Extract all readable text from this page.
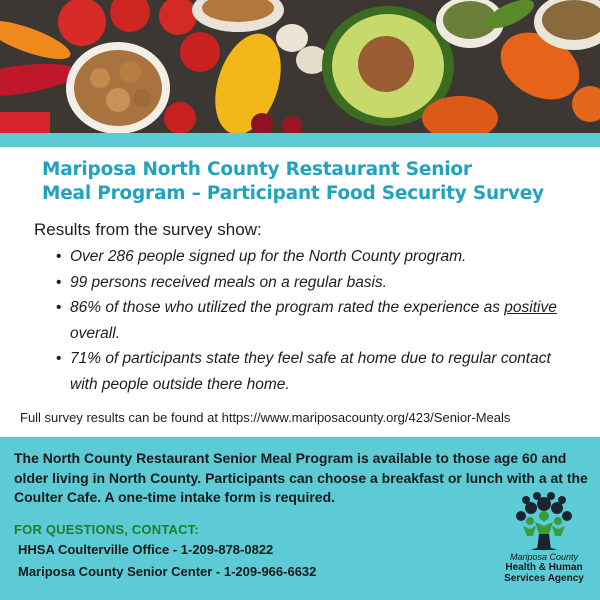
Mariposa North County Restaurant Senior
Meal Program – Participant Food Security Survey
Results from the survey show:
• Over 286 people signed up for the North County program.
• 99 persons received meals on a regular basis.
• 86% of those who utilized the program rated the experience as positive overall.
• 71% of participants state they feel safe at home due to regular contact with people outside there home.
Full survey results can be found at https://www.mariposacounty.org/423/Senior-Meals
The North County Restaurant Senior Meal Program is available to those age 60 and older living in North County. Participants can choose a breakfast or lunch with a at the Coulter Cafe. A one-time intake form is required.
FOR QUESTIONS, CONTACT:
HHSA Coulterville Office - 1-209-878-0822
Mariposa County Senior Center - 1-209-966-6632
Mariposa County
Health & Human
Services Agency
